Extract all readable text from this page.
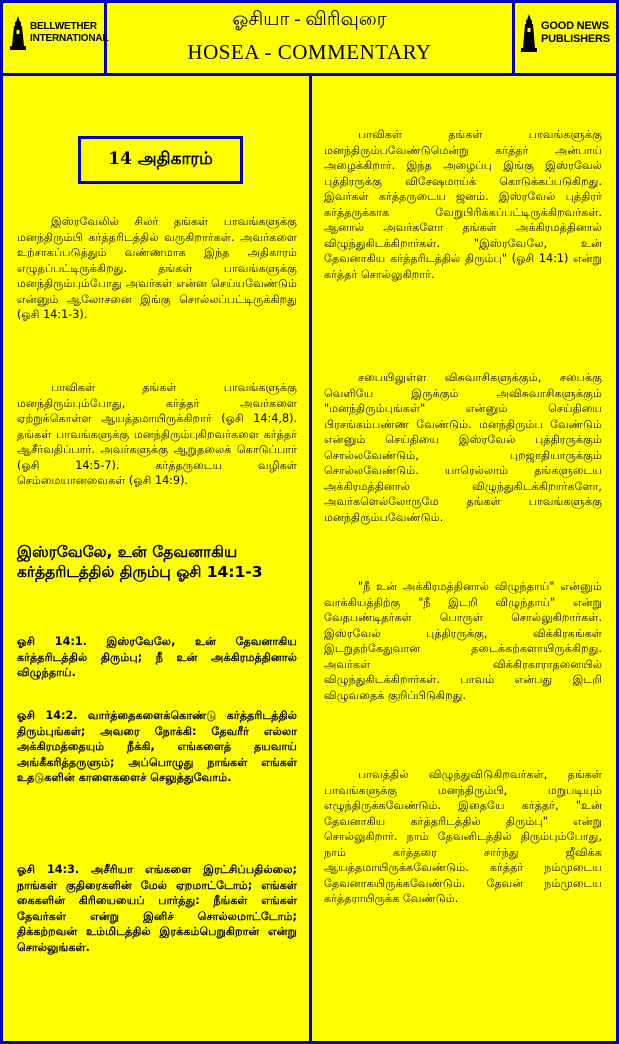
BELLWETHER
INTERNATIONAL
ஓசியா - விரிவுரை
HOSEA - COMMENTARY
GOOD NEWS
PUBLISHERS
14 அதிகாரம்
இஸ்ரவேலில் சிலர் தங்கள் பாவங்களுக்கு மனந்திரும்பி கர்த்தரிடத்தில் வருகிறார்கள். அவர்களை உற்சாகப்படுத்தும் வண்ணமாக இந்த அதிகாரம் எழுதப்பட்டிருக்கிறது. தங்கள் பாவங்களுக்கு மனந்திரும்பும்போது அவர்கள் என்ன செய்யவேண்டும் என்னும் ஆலோசனை இங்கு சொல்லப்பட்டிருக்கிறது (ஓசி 14:1-3).
பாவிகள் தங்கள் பாவங்களுக்கு மனந்திரும்பும்போது, கர்த்தர் அவர்களை ஏற்றுக்கொள்ள ஆயத்தமாயிருக்கிறார் (ஓசி 14:4,8). தங்கள் பாவங்களுக்கு மனந்திரும்புகிறவர்களை கர்த்தர் ஆசீர்வதிப்பார். அவர்களுக்கு ஆறுதலைக் கொடுப்பார் (ஓசி 14:5-7). கர்த்தருடைய வழிகள் செம்மையானவைகள் (ஓசி 14:9).
இஸ்ரவேலே, உன் தேவனாகிய கர்த்தரிடத்தில் திரும்பு ஓசி 14:1-3
ஓசி 14:1. இஸ்ரவேலே, உன் தேவனாகிய கர்த்தரிடத்தில் திரும்பு; நீ உன் அக்கிரமத்தினால் விழுந்தாய்.
ஓசி 14:2. வார்த்தைகளைக்கொண்டு கர்த்தரிடத்தில் திரும்புங்கள்; அவரை நோக்கி: தேவரீர் எல்லா அக்கிரமத்தையும் நீக்கி, எங்களைத் தயவாய் அங்கீகரித்தருளும்; அப்பொழுது நாங்கள் எங்கள் உதடுகளின் காளைகளைச் செலுத்துவோம்.
ஓசி 14:3. அசீரியா எங்களை இரட்சிப்பதில்லை; நாங்கள் குதிரைகளின் மேல் ஏறமாட்டோம்; எங்கள் கைகளின் கிரியையைப் பார்த்து: நீங்கள் எங்கள் தேவர்கள் என்று இனிச் சொல்லமாட்டோம்; திக்கற்றவன் உம்மிடத்தில் இரக்கம்பெறுகிறான் என்று சொல்லுங்கள்.
பாவிகள் தங்கள் பாவங்களுக்கு மனந்திரும்பவேண்டுமென்று கர்த்தர் அன்பாய் அழைக்கிறார். இந்த அழைப்பு இங்கு இஸ்ரவேல் புத்திரருக்கு விசேஷமாய்க் கொடுக்கப்படுகிறது. இவர்கள் கர்த்தருடைய ஜனம். இஸ்ரவேல் புத்திரர் கர்த்தருக்காக வேறுபிரிக்கப்பட்டிருக்கிறவர்கள். ஆனால் அவர்களோ தங்கள் அக்கிரமத்தினால் விழுந்துகிடக்கிறார்கள். "இஸ்ரவேலே, உன் தேவனாகிய கர்த்தரிடத்தில் திரும்பு" (ஓசி 14:1) என்று கர்த்தர் சொல்லுகிறார்.
சபையிலுள்ள விசுவாசிகளுக்கும், சபைக்கு வெளியே இருக்கும் அவிசுவாசிகளுக்கும் "மனந்திரும்புங்கள்" என்னும் செய்தியை பிரசங்கம்பண்ண வேண்டும். மனந்திரும்ப வேண்டும் என்னும் செய்தியை இஸ்ரவேல் புத்திரருக்கும் சொல்லவேண்டும், புறஜாதியாருக்கும் சொல்லவேண்டும். யாரெல்லாம் தங்களுடைய அக்கிரமத்தினால் விழுந்துகிடக்கிறார்களோ, அவர்களெல்லோருமே தங்கள் பாவங்களுக்கு மனந்திரும்பவேண்டும்.
"நீ உன் அக்கிரமத்தினால் விழுந்தாய்" என்னும் வாக்கியத்திற்கு "நீ இடறி விழுந்தாய்" என்று வேதபண்டிதர்கள் பொருள் சொல்லுகிறார்கள். இஸ்ரவேல் புத்திரருக்கு, விக்கிரகங்கள் இடறுதற்கேதுவான தடைக்கற்களாயிருக்கிறது. அவர்கள் விக்கிரகாராதனையில் விழுந்துகிடக்கிறார்கள். பாவம் என்பது இடறி விழுவதைக் குறிப்பிடுகிறது.
பாவத்தில் விழுந்துவிடுகிறவர்கள், தங்கள் பாவங்களுக்கு மனந்திரும்பி, மறுபடியும் எழுந்திருக்கவேண்டும். இதையே கர்த்தர், "உன் தேவனாகிய கர்த்தரிடத்தில் திரும்பு" என்று சொல்லுகிறார். நாம் தேவனிடத்தில் திரும்பும்போது, நாம் கர்த்தரை சார்ந்து ஜீவிக்க ஆயத்தமாயிருக்கவேண்டும். கர்த்தர் நம்முடைய தேவனாகயிருக்கவேண்டும். தேவன் நம்முடைய கர்த்தராயிருக்க வேண்டும்.
